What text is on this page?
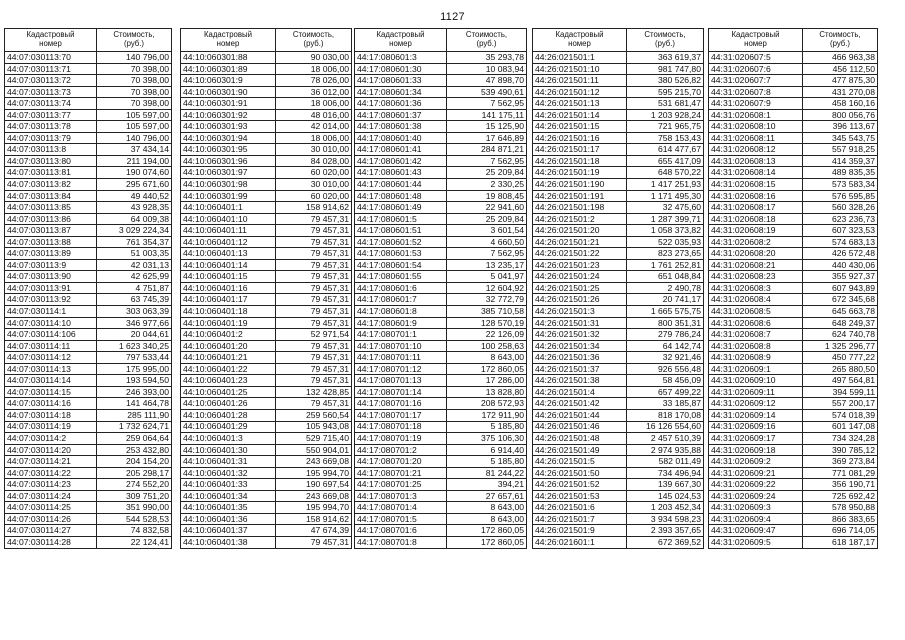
1127
Кадастровый
номер	Стоимость,
(руб.)
44:07:030113:70	140 796,00
44:07:030113:71	70 398,00
44:07:030113:72	70 398,00
44:07:030113:73	70 398,00
44:07:030113:74	70 398,00
44:07:030113:77	105 597,00
44:07:030113:78	105 597,00
44:07:030113:79	140 796,00
44:07:030113:8	37 434,14
44:07:030113:80	211 194,00
44:07:030113:81	190 074,60
44:07:030113:82	295 671,60
44:07:030113:84	49 440,52
44:07:030113:85	43 928,35
44:07:030113:86	64 009,38
44:07:030113:87	3 029 224,34
44:07:030113:88	761 354,37
44:07:030113:89	51 003,35
44:07:030113:9	42 031,13
44:07:030113:90	42 625,99
44:07:030113:91	4 751,87
44:07:030113:92	63 745,39
44:07:030114:1	303 063,39
44:07:030114:10	346 977,66
44:07:030114:106	20 044,61
44:07:030114:11	1 623 340,25
44:07:030114:12	797 533,44
44:07:030114:13	175 995,00
44:07:030114:14	193 594,50
44:07:030114:15	246 393,00
44:07:030114:16	141 464,78
44:07:030114:18	285 111,90
44:07:030114:19	1 732 624,71
44:07:030114:2	259 064,64
44:07:030114:20	253 432,80
44:07:030114:21	204 154,20
44:07:030114:22	205 298,17
44:07:030114:23	274 552,20
44:07:030114:24	309 751,20
44:07:030114:25	351 990,00
44:07:030114:26	544 528,53
44:07:030114:27	74 832,58
44:07:030114:28	22 124,41
Кадастровый
номер	Стоимость,
(руб.)
44:10:060301:88	90 030,00
44:10:060301:89	18 006,00
44:10:060301:9	78 026,00
44:10:060301:90	36 012,00
44:10:060301:91	18 006,00
44:10:060301:92	48 016,00
44:10:060301:93	42 014,00
44:10:060301:94	18 006,00
44:10:060301:95	30 010,00
44:10:060301:96	84 028,00
44:10:060301:97	60 020,00
44:10:060301:98	30 010,00
44:10:060301:99	60 020,00
44:10:060401:1	158 914,62
44:10:060401:10	79 457,31
44:10:060401:11	79 457,31
44:10:060401:12	79 457,31
44:10:060401:13	79 457,31
44:10:060401:14	79 457,31
44:10:060401:15	79 457,31
44:10:060401:16	79 457,31
44:10:060401:17	79 457,31
44:10:060401:18	79 457,31
44:10:060401:19	79 457,31
44:10:060401:2	52 971,54
44:10:060401:20	79 457,31
44:10:060401:21	79 457,31
44:10:060401:22	79 457,31
44:10:060401:23	79 457,31
44:10:060401:25	132 428,85
44:10:060401:26	79 457,31
44:10:060401:28	259 560,54
44:10:060401:29	105 943,08
44:10:060401:3	529 715,40
44:10:060401:30	550 904,01
44:10:060401:31	243 669,08
44:10:060401:32	195 994,70
44:10:060401:33	190 697,54
44:10:060401:34	243 669,08
44:10:060401:35	195 994,70
44:10:060401:36	158 914,62
44:10:060401:37	47 674,39
44:10:060401:38	79 457,31
Кадастровый
номер	Стоимость,
(руб.)
44:17:080601:3	35 293,78
44:17:080601:30	10 083,94
44:17:080601:33	47 898,70
44:17:080601:34	539 490,61
44:17:080601:36	7 562,95
44:17:080601:37	141 175,11
44:17:080601:38	15 125,90
44:17:080601:40	17 646,89
44:17:080601:41	284 871,21
44:17:080601:42	7 562,95
44:17:080601:43	25 209,84
44:17:080601:44	2 330,25
44:17:080601:48	19 808,45
44:17:080601:49	22 941,60
44:17:080601:5	25 209,84
44:17:080601:51	3 601,54
44:17:080601:52	4 660,50
44:17:080601:53	7 562,95
44:17:080601:54	13 235,17
44:17:080601:55	5 041,97
44:17:080601:6	12 604,92
44:17:080601:7	32 772,79
44:17:080601:8	385 710,58
44:17:080601:9	128 570,19
44:17:080701:1	22 126,09
44:17:080701:10	100 258,63
44:17:080701:11	8 643,00
44:17:080701:12	172 860,05
44:17:080701:13	17 286,00
44:17:080701:14	13 828,80
44:17:080701:16	208 572,93
44:17:080701:17	172 911,90
44:17:080701:18	5 185,80
44:17:080701:19	375 106,30
44:17:080701:2	6 914,40
44:17:080701:20	5 185,80
44:17:080701:21	81 244,22
44:17:080701:25	394,21
44:17:080701:3	27 657,61
44:17:080701:4	8 643,00
44:17:080701:5	8 643,00
44:17:080701:6	172 860,05
44:17:080701:8	172 860,05
Кадастровый
номер	Стоимость,
(руб.)
44:26:021501:1	363 619,37
44:26:021501:10	981 747,80
44:26:021501:11	380 526,82
44:26:021501:12	595 215,70
44:26:021501:13	531 681,47
44:26:021501:14	1 203 928,24
44:26:021501:15	721 965,75
44:26:021501:16	758 153,43
44:26:021501:17	614 477,67
44:26:021501:18	655 417,09
44:26:021501:19	648 570,22
44:26:021501:190	1 417 251,93
44:26:021501:191	1 171 495,30
44:26:021501:198	32 475,60
44:26:021501:2	1 287 399,71
44:26:021501:20	1 058 373,82
44:26:021501:21	522 035,93
44:26:021501:22	823 273,65
44:26:021501:23	1 761 252,81
44:26:021501:24	651 048,84
44:26:021501:25	2 490,78
44:26:021501:26	20 741,17
44:26:021501:3	1 665 575,75
44:26:021501:31	800 351,31
44:26:021501:32	279 786,24
44:26:021501:34	64 142,74
44:26:021501:36	32 921,46
44:26:021501:37	926 556,48
44:26:021501:38	58 456,09
44:26:021501:4	657 499,22
44:26:021501:42	33 185,87
44:26:021501:44	818 170,08
44:26:021501:46	16 126 554,60
44:26:021501:48	2 457 510,39
44:26:021501:49	2 974 935,88
44:26:021501:5	582 011,49
44:26:021501:50	734 496,94
44:26:021501:52	139 667,30
44:26:021501:53	145 024,53
44:26:021501:6	1 203 452,34
44:26:021501:7	3 934 598,23
44:26:021501:9	2 393 357,65
44:26:021601:1	672 369,52
Кадастровый
номер	Стоимость,
(руб.)
44:31:020607:5	466 963,38
44:31:020607:6	456 112,50
44:31:020607:7	477 875,30
44:31:020607:8	431 270,08
44:31:020607:9	458 160,16
44:31:020608:1	800 056,76
44:31:020608:10	396 113,67
44:31:020608:11	345 543,75
44:31:020608:12	557 918,25
44:31:020608:13	414 359,37
44:31:020608:14	489 835,35
44:31:020608:15	573 583,34
44:31:020608:16	576 595,85
44:31:020608:17	560 328,26
44:31:020608:18	623 236,73
44:31:020608:19	607 323,53
44:31:020608:2	574 683,13
44:31:020608:20	426 572,48
44:31:020608:21	440 430,06
44:31:020608:23	355 927,37
44:31:020608:3	607 943,89
44:31:020608:4	672 345,68
44:31:020608:5	645 663,78
44:31:020608:6	648 249,37
44:31:020608:7	624 740,78
44:31:020608:8	1 325 296,77
44:31:020608:9	450 777,22
44:31:020609:1	265 880,50
44:31:020609:10	497 564,81
44:31:020609:11	394 599,11
44:31:020609:12	557 200,17
44:31:020609:14	574 018,39
44:31:020609:16	601 147,08
44:31:020609:17	734 324,28
44:31:020609:18	390 785,12
44:31:020609:2	369 273,84
44:31:020609:21	771 081,29
44:31:020609:22	356 190,71
44:31:020609:24	725 692,42
44:31:020609:3	578 950,88
44:31:020609:4	866 383,65
44:31:020609:47	696 714,05
44:31:020609:5	618 187,17
